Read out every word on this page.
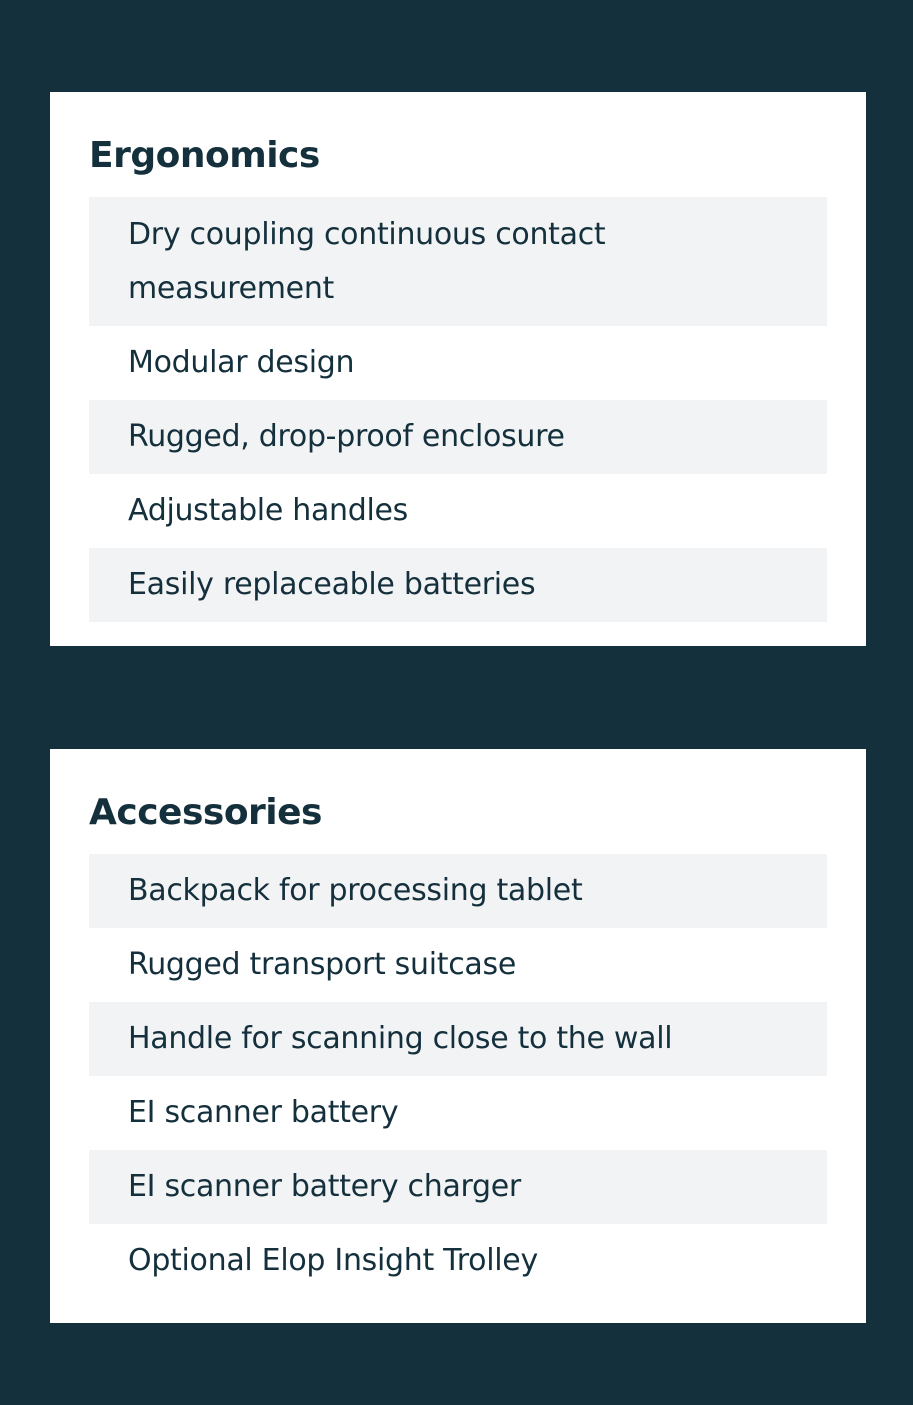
Ergonomics
Dry coupling continuous contact measurement
Modular design
Rugged, drop-proof enclosure
Adjustable handles
Easily replaceable batteries
Accessories
Backpack for processing tablet
Rugged transport suitcase
Handle for scanning close to the wall
EI scanner battery
EI scanner battery charger
Optional Elop Insight Trolley
